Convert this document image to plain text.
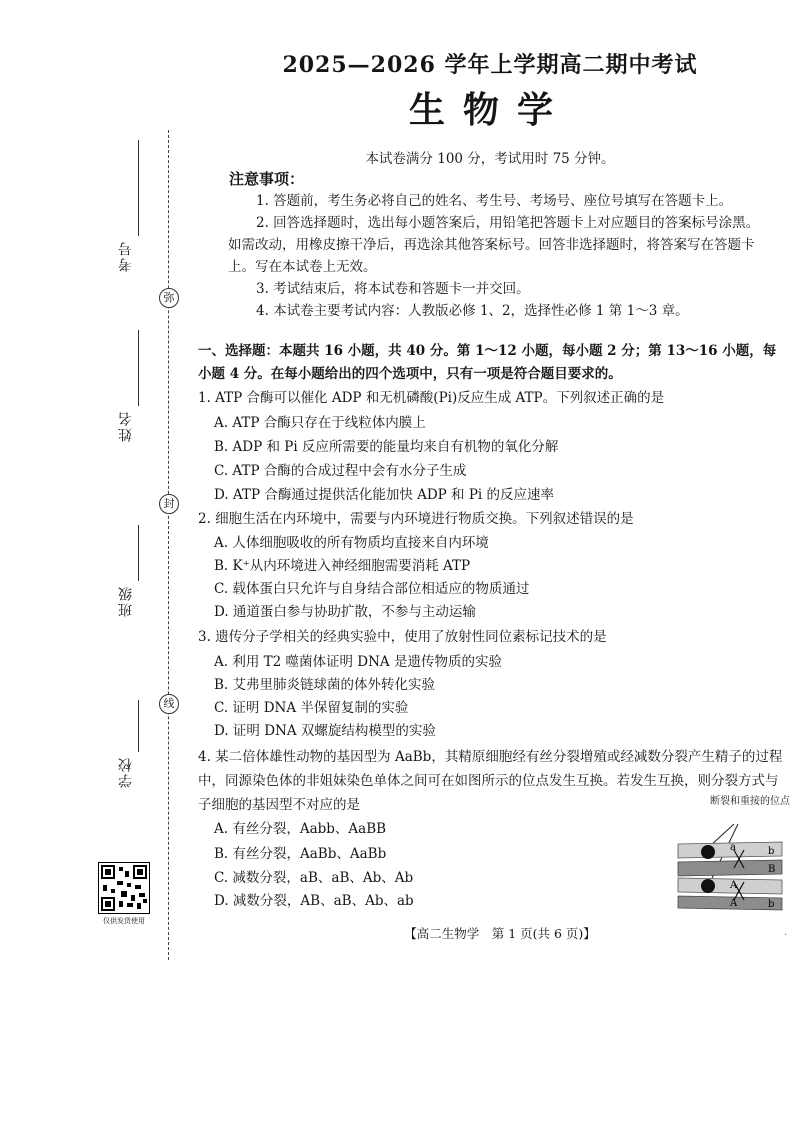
弥
封
线
考号
姓名
班级
学校
仅供发货使用
2025—2026 学年上学期高二期中考试
生物学
本试卷满分 100 分，考试用时 75 分钟。
注意事项：
1. 答题前，考生务必将自己的姓名、考生号、考场号、座位号填写在答题卡上。
2. 回答选择题时，选出每小题答案后，用铅笔把答题卡上对应题目的答案标号涂黑。如需改动，用橡皮擦干净后，再选涂其他答案标号。回答非选择题时，将答案写在答题卡上。写在本试卷上无效。
3. 考试结束后，将本试卷和答题卡一并交回。
4. 本试卷主要考试内容：人教版必修 1、2，选择性必修 1 第 1～3 章。
一、选择题：本题共 16 小题，共 40 分。第 1～12 小题，每小题 2 分；第 13～16 小题，每小题 4 分。在每小题给出的四个选项中，只有一项是符合题目要求的。
1. ATP 合酶可以催化 ADP 和无机磷酸(Pi)反应生成 ATP。下列叙述正确的是
A. ATP 合酶只存在于线粒体内膜上
B. ADP 和 Pi 反应所需要的能量均来自有机物的氧化分解
C. ATP 合酶的合成过程中会有水分子生成
D. ATP 合酶通过提供活化能加快 ADP 和 Pi 的反应速率
2. 细胞生活在内环境中，需要与内环境进行物质交换。下列叙述错误的是
A. 人体细胞吸收的所有物质均直接来自内环境
B. K⁺从内环境进入神经细胞需要消耗 ATP
C. 载体蛋白只允许与自身结合部位相适应的物质通过
D. 通道蛋白参与协助扩散，不参与主动运输
3. 遗传分子学相关的经典实验中，使用了放射性同位素标记技术的是
A. 利用 T2 噬菌体证明 DNA 是遗传物质的实验
B. 艾弗里肺炎链球菌的体外转化实验
C. 证明 DNA 半保留复制的实验
D. 证明 DNA 双螺旋结构模型的实验
4. 某二倍体雄性动物的基因型为 AaBb，其精原细胞经有丝分裂增殖或经减数分裂产生精子的过程中，同源染色体的非姐妹染色单体之间可在如图所示的位点发生互换。若发生互换，则分裂方式与子细胞的基因型不对应的是
A. 有丝分裂，Aabb、AaBB
B. 有丝分裂，AaBb、AaBb
C. 减数分裂，aB、aB、Ab、Ab
D. 减数分裂，AB、aB、Ab、ab
断裂和重接的位点
a	b
B
A
A	b
【高二生物学　第 1 页(共 6 页)】	·
